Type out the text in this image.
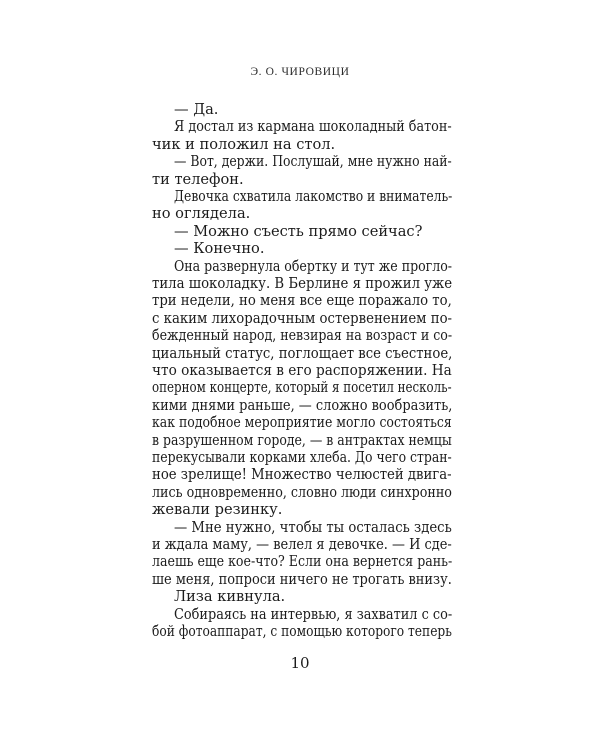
Э. О. ЧИРОВИЦИ
— Да.
Я достал из кармана шоколадный батон-
чик и положил на стол.
— Вот, держи. Послушай, мне нужно най-
ти телефон.
Девочка схватила лакомство и вниматель-
но оглядела.
— Можно съесть прямо сейчас?
— Конечно.
Она развернула обертку и тут же прогло-
тила шоколадку. В Берлине я прожил уже
три недели, но меня все еще поражало то,
с каким лихорадочным остервенением по-
бежденный народ, невзирая на возраст и со-
циальный статус, поглощает все съестное,
что оказывается в его распоряжении. На
оперном концерте, который я посетил несколь-
кими днями раньше, — сложно вообразить,
как подобное мероприятие могло состояться
в разрушенном городе, — в антрактах немцы
перекусывали корками хлеба. До чего стран-
ное зрелище! Множество челюстей двига-
лись одновременно, словно люди синхронно
жевали резинку.
— Мне нужно, чтобы ты осталась здесь
и ждала маму, — велел я девочке. — И сде-
лаешь еще кое-что? Если она вернется рань-
ше меня, попроси ничего не трогать внизу.
Лиза кивнула.
Собираясь на интервью, я захватил с со-
бой фотоаппарат, с помощью которого теперь
10
